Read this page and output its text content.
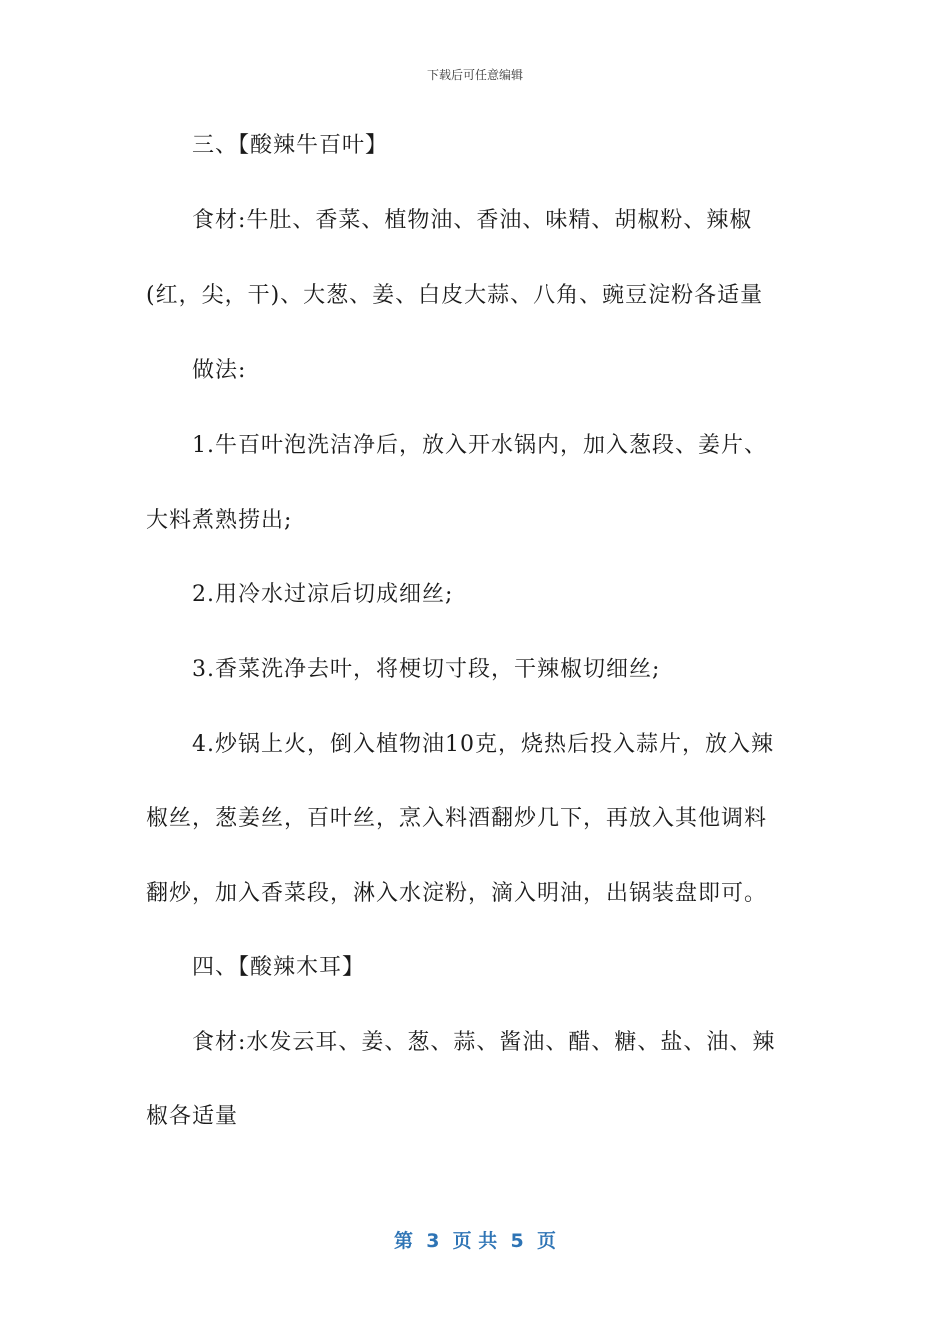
下载后可任意编辑
三、【酸辣牛百叶】
食材:牛肚、香菜、植物油、香油、味精、胡椒粉、辣椒
(红，尖，干)、大葱、姜、白皮大蒜、八角、豌豆淀粉各适量
做法:
1.牛百叶泡洗洁净后，放入开水锅内，加入葱段、姜片、
大料煮熟捞出;
2.用冷水过凉后切成细丝;
3.香菜洗净去叶，将梗切寸段，干辣椒切细丝;
4.炒锅上火，倒入植物油10克，烧热后投入蒜片，放入辣
椒丝，葱姜丝，百叶丝，烹入料酒翻炒几下，再放入其他调料
翻炒，加入香菜段，淋入水淀粉，滴入明油，出锅装盘即可。
四、【酸辣木耳】
食材:水发云耳、姜、葱、蒜、酱油、醋、糖、盐、油、辣
椒各适量
第  3  页 共  5  页
